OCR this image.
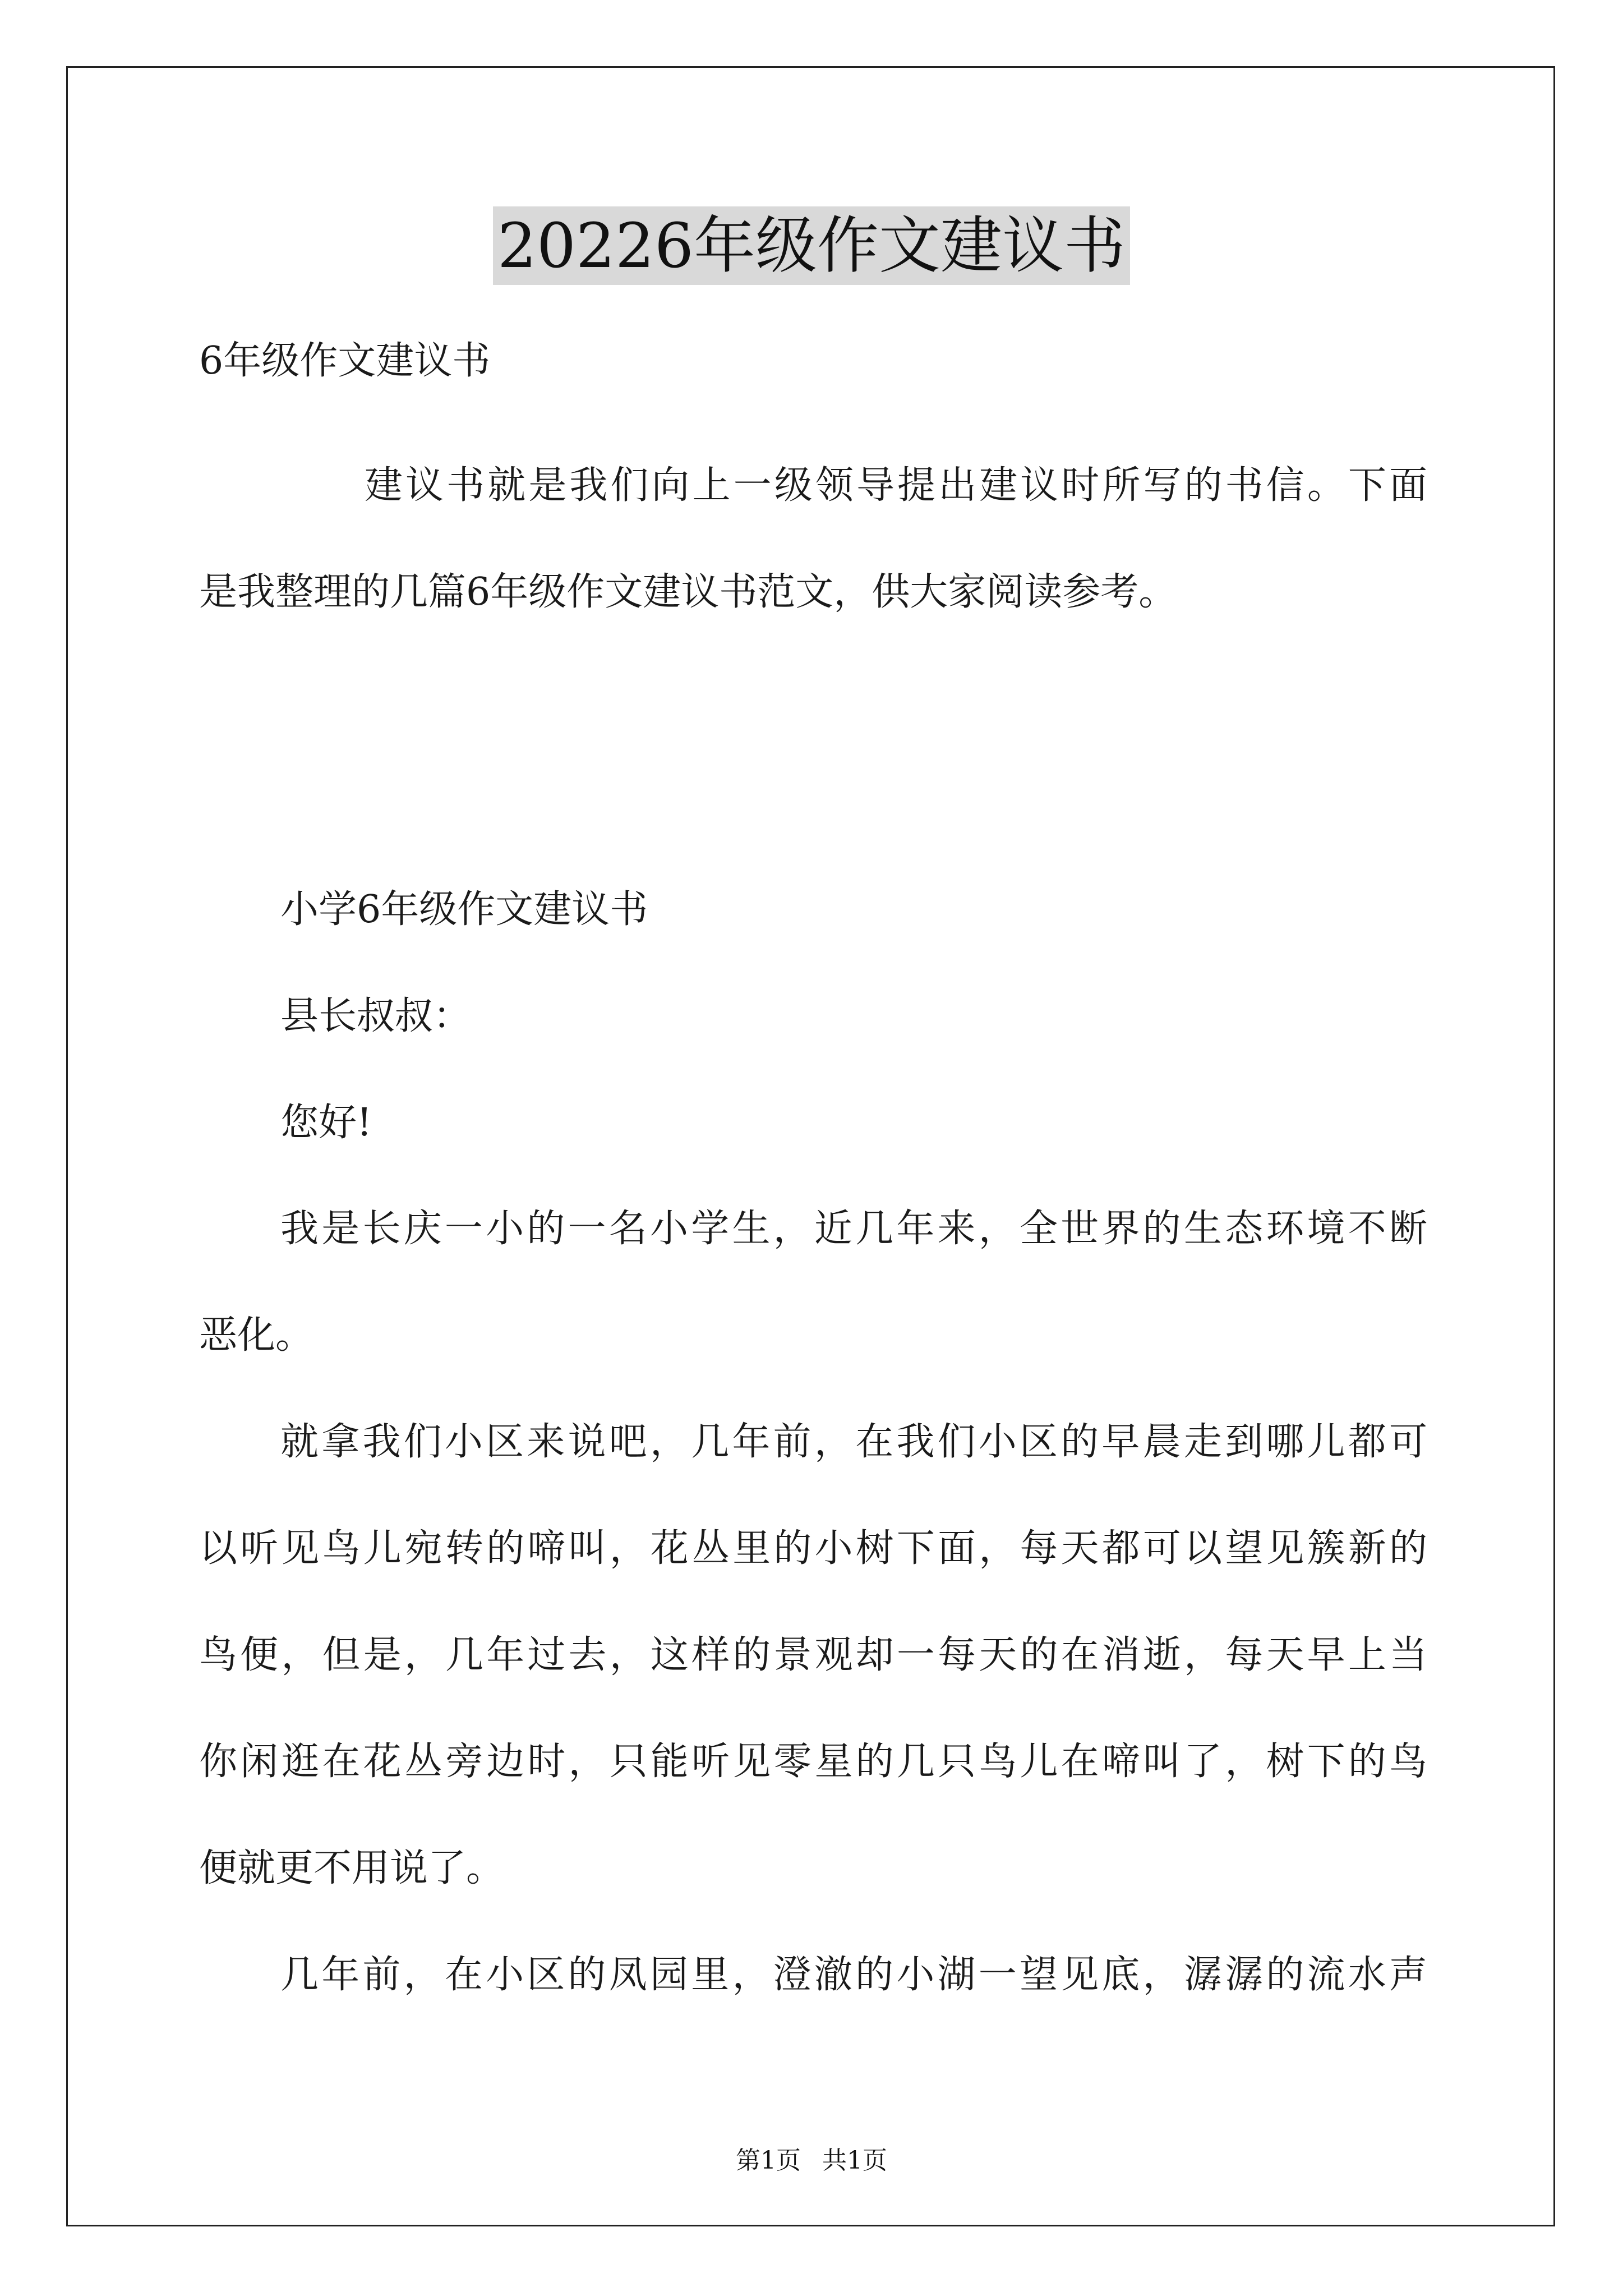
20226年级作文建议书
6年级作文建议书
建议书就是我们向上一级领导提出建议时所写的书信。下面
是我整理的几篇6年级作文建议书范文，供大家阅读参考。
小学6年级作文建议书
县长叔叔：
您好!
我是长庆一小的一名小学生，近几年来，全世界的生态环境不断
恶化。
就拿我们小区来说吧，几年前，在我们小区的早晨走到哪儿都可
以听见鸟儿宛转的啼叫，花丛里的小树下面，每天都可以望见簇新的
鸟便，但是，几年过去，这样的景观却一每天的在消逝，每天早上当
你闲逛在花丛旁边时，只能听见零星的几只鸟儿在啼叫了，树下的鸟
便就更不用说了。
几年前，在小区的凤园里，澄澈的小湖一望见底，潺潺的流水声
第1页 共1页
